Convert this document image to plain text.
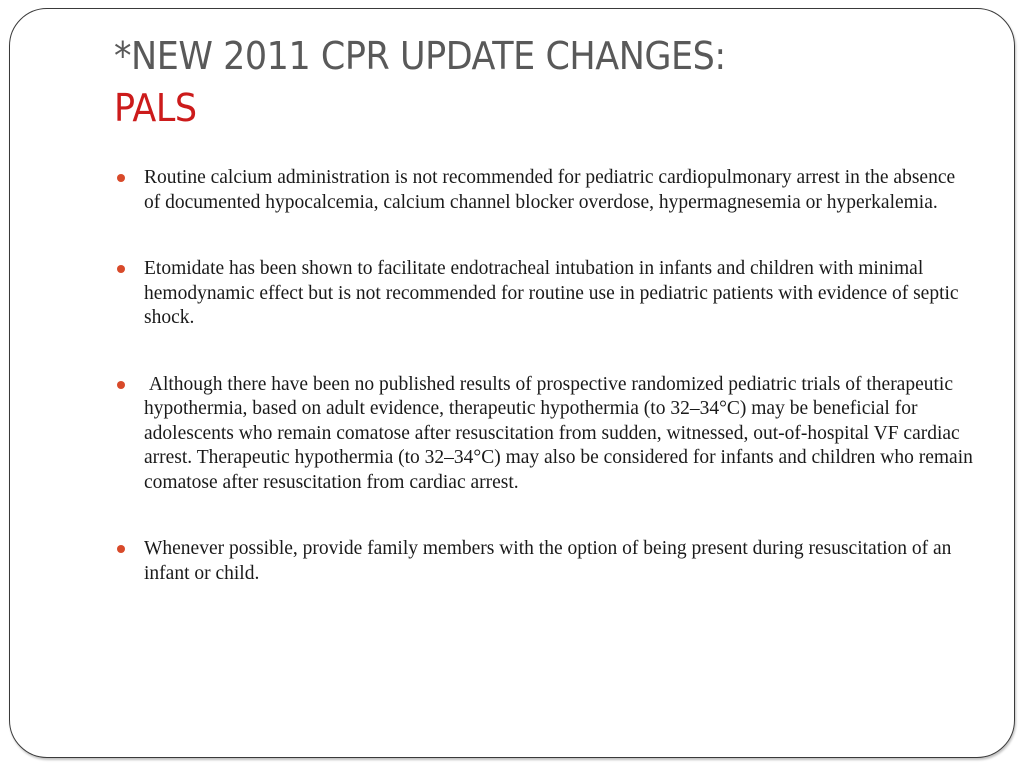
*NEW 2011 CPR UPDATE CHANGES:
PALS
Routine calcium administration is not recommended for pediatric cardiopulmonary arrest in the absence of documented hypocalcemia, calcium channel blocker overdose, hypermagnesemia or hyperkalemia.
Etomidate has been shown to facilitate endotracheal intubation in infants and children with minimal hemodynamic effect but is not recommended for routine use in pediatric patients with evidence of septic shock.
Although there have been no published results of prospective randomized pediatric trials of therapeutic hypothermia, based on adult evidence, therapeutic hypothermia (to 32–34°C) may be beneficial for adolescents who remain comatose after resuscitation from sudden, witnessed, out-of-hospital VF cardiac arrest. Therapeutic hypothermia (to 32–34°C) may also be considered for infants and children who remain comatose after resuscitation from cardiac arrest.
Whenever possible, provide family members with the option of being present during resuscitation of an infant or child.
